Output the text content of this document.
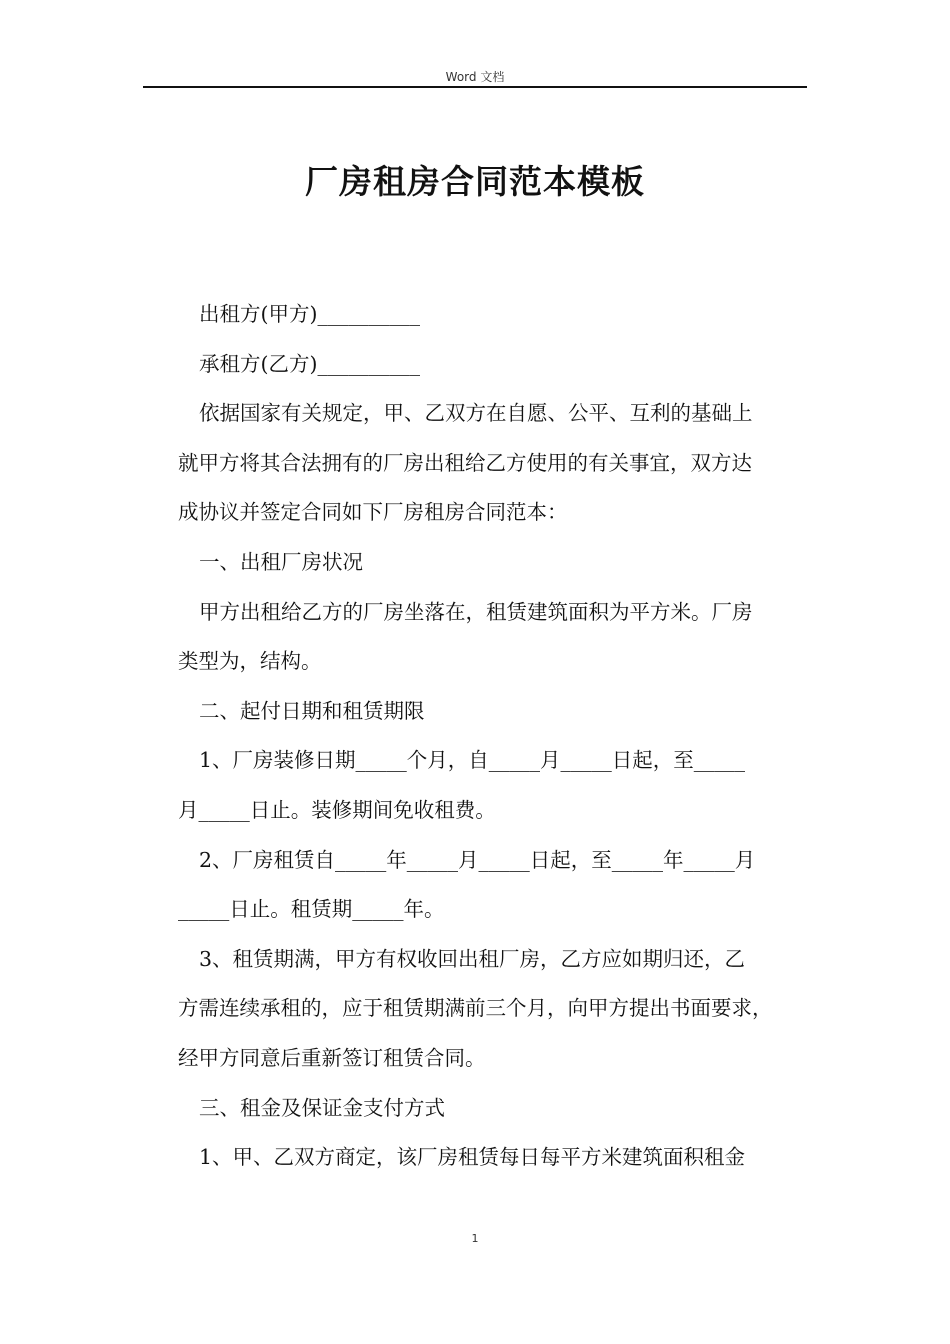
Word 文档
厂房租房合同范本模板

出租方(甲方)__________

承租方(乙方)__________

依据国家有关规定，甲、乙双方在自愿、公平、互利的基础上

就甲方将其合法拥有的厂房出租给乙方使用的有关事宜，双方达

成协议并签定合同如下厂房租房合同范本：

一、出租厂房状况

甲方出租给乙方的厂房坐落在，租赁建筑面积为平方米。厂房

类型为，结构。

二、起付日期和租赁期限

1、厂房装修日期_____个月，自_____月_____日起，至_____

月_____日止。装修期间免收租费。

2、厂房租赁自_____年_____月_____日起，至_____年_____月

_____日止。租赁期_____年。

3、租赁期满，甲方有权收回出租厂房，乙方应如期归还，乙

方需连续承租的，应于租赁期满前三个月，向甲方提出书面要求，

经甲方同意后重新签订租赁合同。

三、租金及保证金支付方式

1、甲、乙双方商定，该厂房租赁每日每平方米建筑面积租金

1
